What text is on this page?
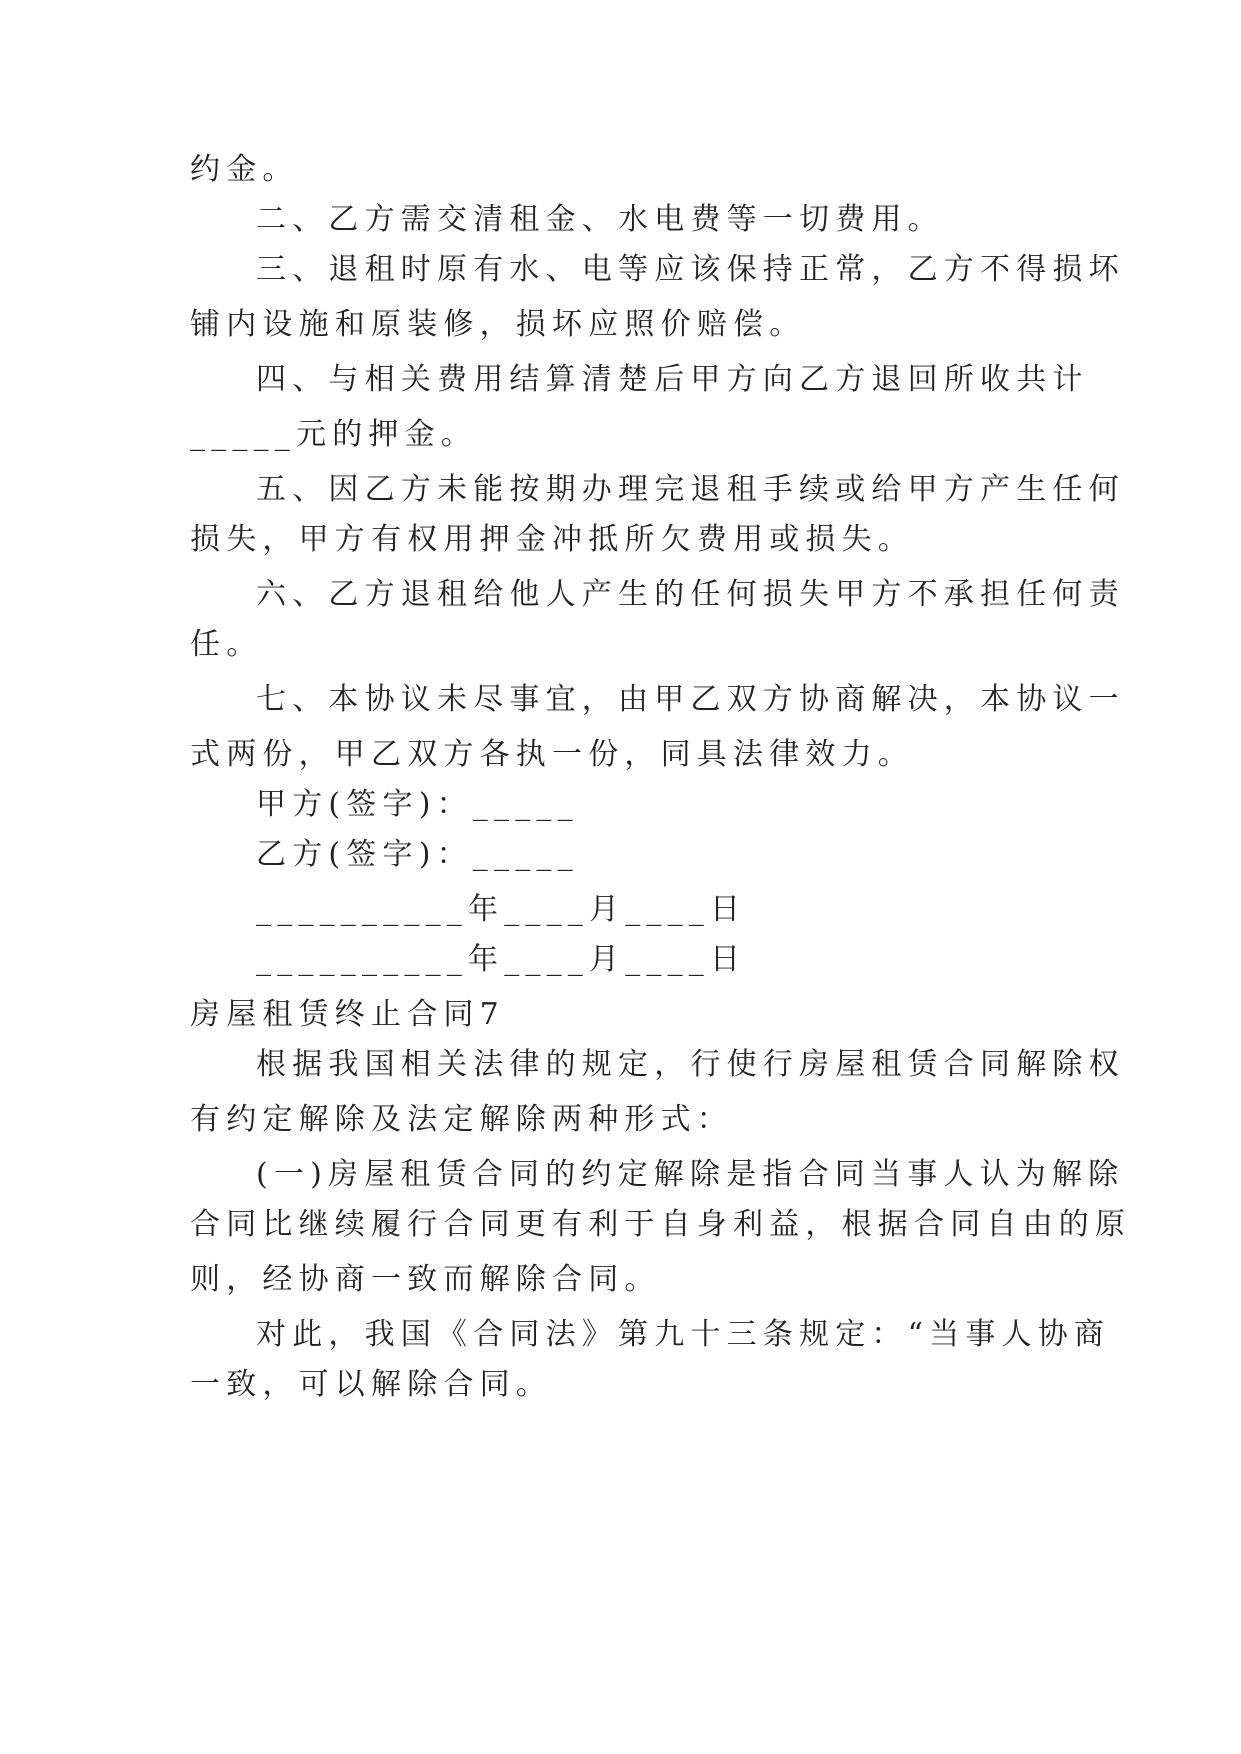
约金。
二、乙方需交清租金、水电费等一切费用。
三、退租时原有水、电等应该保持正常，乙方不得损坏
铺内设施和原装修，损坏应照价赔偿。
四、与相关费用结算清楚后甲方向乙方退回所收共计
_____元的押金。
五、因乙方未能按期办理完退租手续或给甲方产生任何
损失，甲方有权用押金冲抵所欠费用或损失。
六、乙方退租给他人产生的任何损失甲方不承担任何责
任。
七、本协议未尽事宜，由甲乙双方协商解决，本协议一
式两份，甲乙双方各执一份，同具法律效力。
甲方(签字)：_____
乙方(签字)：_____
__________年____月____日
__________年____月____日
房屋租赁终止合同7
根据我国相关法律的规定，行使行房屋租赁合同解除权
有约定解除及法定解除两种形式：
(一)房屋租赁合同的约定解除是指合同当事人认为解除
合同比继续履行合同更有利于自身利益，根据合同自由的原
则，经协商一致而解除合同。
对此，我国《合同法》第九十三条规定：“当事人协商
一致，可以解除合同。
